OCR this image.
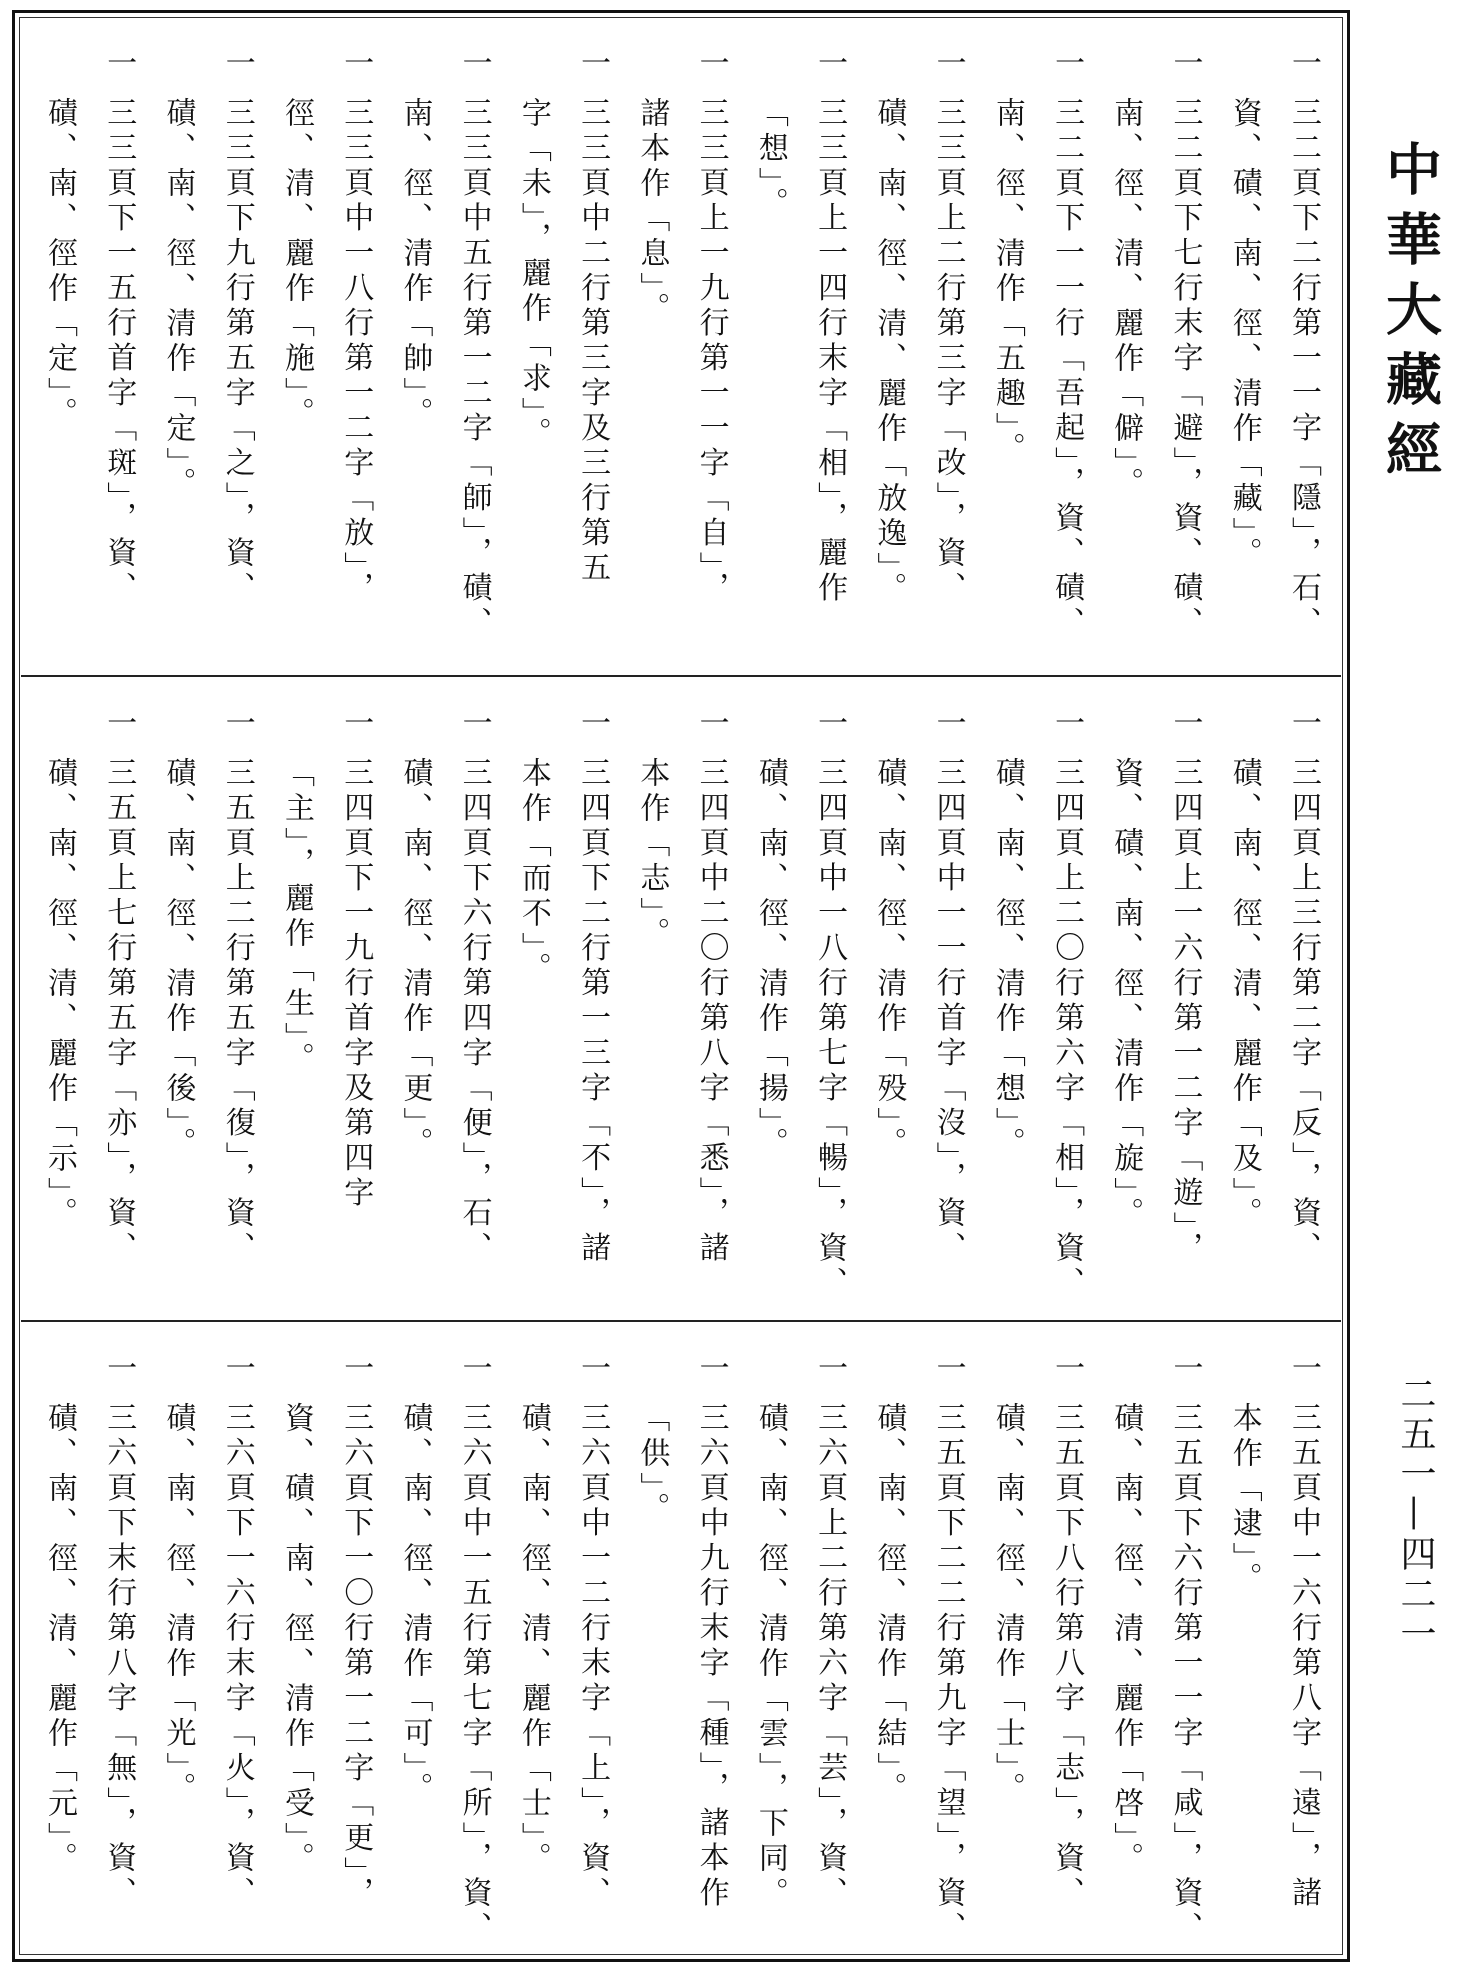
一 三二頁下二行第一一字「隱」，石、
資、磧、南、徑、清作「藏」。
一 三二頁下七行末字「避」，資、磧、
南、徑、清、麗作「僻」。
一 三二頁下一一行「吾起」，資、磧、
南、徑、清作「五趣」。
一 三三頁上二行第三字「改」，資、
磧、南、徑、清、麗作「放逸」。
一 三三頁上一四行末字「相」，麗作
「想」。
一 三三頁上一九行第一一字「自」，
諸本作「息」。
一 三三頁中二行第三字及三行第五
字「未」，麗作「求」。
一 三三頁中五行第一二字「師」，磧、
南、徑、清作「帥」。
一 三三頁中一八行第一二字「放」，
徑、清、麗作「施」。
一 三三頁下九行第五字「之」，資、
磧、南、徑、清作「定」。
一 三三頁下一五行首字「斑」，資、
磧、南、徑作「定」。
一 三四頁上三行第二字「反」，資、
磧、南、徑、清、麗作「及」。
一 三四頁上一六行第一二字「遊」，
資、磧、南、徑、清作「旋」。
一 三四頁上二〇行第六字「相」，資、
磧、南、徑、清作「想」。
一 三四頁中一一行首字「沒」，資、
磧、南、徑、清作「殁」。
一 三四頁中一八行第七字「暢」，資、
磧、南、徑、清作「揚」。
一 三四頁中二〇行第八字「悉」，諸
本作「志」。
一 三四頁下二行第一三字「不」，諸
本作「而不」。
一 三四頁下六行第四字「便」，石、
磧、南、徑、清作「更」。
一 三四頁下一九行首字及第四字
「主」，麗作「生」。
一 三五頁上二行第五字「復」，資、
磧、南、徑、清作「後」。
一 三五頁上七行第五字「亦」，資、
磧、南、徑、清、麗作「示」。
一 三五頁中一六行第八字「遠」，諸
本作「逮」。
一 三五頁下六行第一一字「咸」，資、
磧、南、徑、清、麗作「啓」。
一 三五頁下八行第八字「志」，資、
磧、南、徑、清作「士」。
一 三五頁下二二行第九字「望」，資、
磧、南、徑、清作「結」。
一 三六頁上二行第六字「芸」，資、
磧、南、徑、清作「雲」，下同。
一 三六頁中九行末字「種」，諸本作
「供」。
一 三六頁中一二行末字「上」，資、
磧、南、徑、清、麗作「士」。
一 三六頁中一五行第七字「所」，資、
磧、南、徑、清作「可」。
一 三六頁下一〇行第一二字「更」，
資、磧、南、徑、清作「受」。
一 三六頁下一六行末字「火」，資、
磧、南、徑、清作「光」。
一 三六頁下末行第八字「無」，資、
磧、南、徑、清、麗作「元」。
中華大藏經
二五一—四二一
